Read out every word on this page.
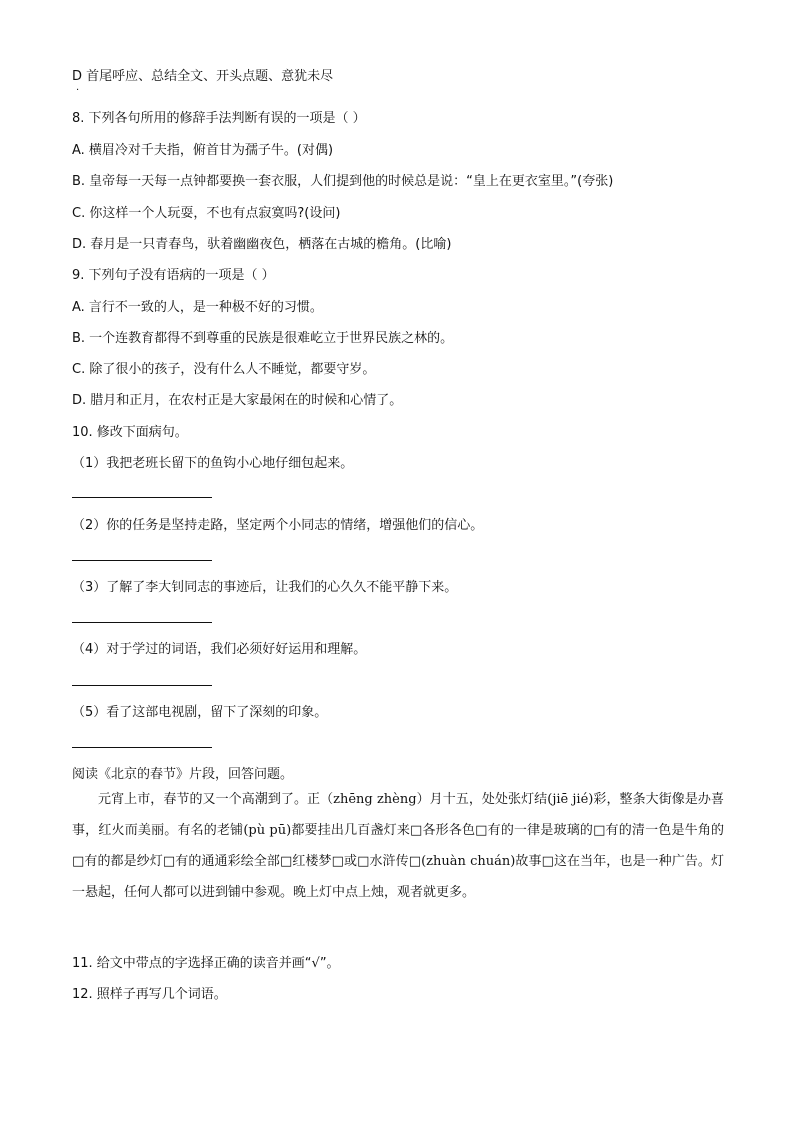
·
D 首尾呼应、总结全文、开头点题、意犹未尽
8. 下列各句所用的修辞手法判断有误的一项是（ ）
A. 横眉冷对千夫指，俯首甘为孺子牛。(对偶)
B. 皇帝每一天每一点钟都要换一套衣服，人们提到他的时候总是说：“皇上在更衣室里。”(夸张)
C. 你这样一个人玩耍，不也有点寂寞吗?(设问)
D. 春月是一只青春鸟，驮着幽幽夜色，栖落在古城的檐角。(比喻)
9. 下列句子没有语病的一项是（ ）
A. 言行不一致的人，是一种极不好的习惯。
B. 一个连教育都得不到尊重的民族是很难屹立于世界民族之林的。
C. 除了很小的孩子，没有什么人不睡觉，都要守岁。
D. 腊月和正月，在农村正是大家最闲在的时候和心情了。
10. 修改下面病句。
（1）我把老班长留下的鱼钩小心地仔细包起来。
（2）你的任务是坚持走路，坚定两个小同志的情绪，增强他们的信心。
（3）了解了李大钊同志的事迹后，让我们的心久久不能平静下来。
（4）对于学过的词语，我们必须好好运用和理解。
（5）看了这部电视剧，留下了深刻的印象。
阅读《北京的春节》片段，回答问题。
11. 给文中带点的字选择正确的读音并画“√”。
12. 照样子再写几个词语。
元宵上市，春节的又一个高潮到了。正（zhēng zhèng）月十五，处处张灯结(jiē jié)彩，整条大街像是办喜事，红火而美丽。有名的老铺(pù pū)都要挂出几百盏灯来□各形各色□有的一律是玻璃的□有的清一色是牛角的□有的都是纱灯□有的通通彩绘全部□红楼梦□或□水浒传□(zhuàn chuán)故事□这在当年，也是一种广告。灯一悬起，任何人都可以进到铺中参观。晚上灯中点上烛，观者就更多。
